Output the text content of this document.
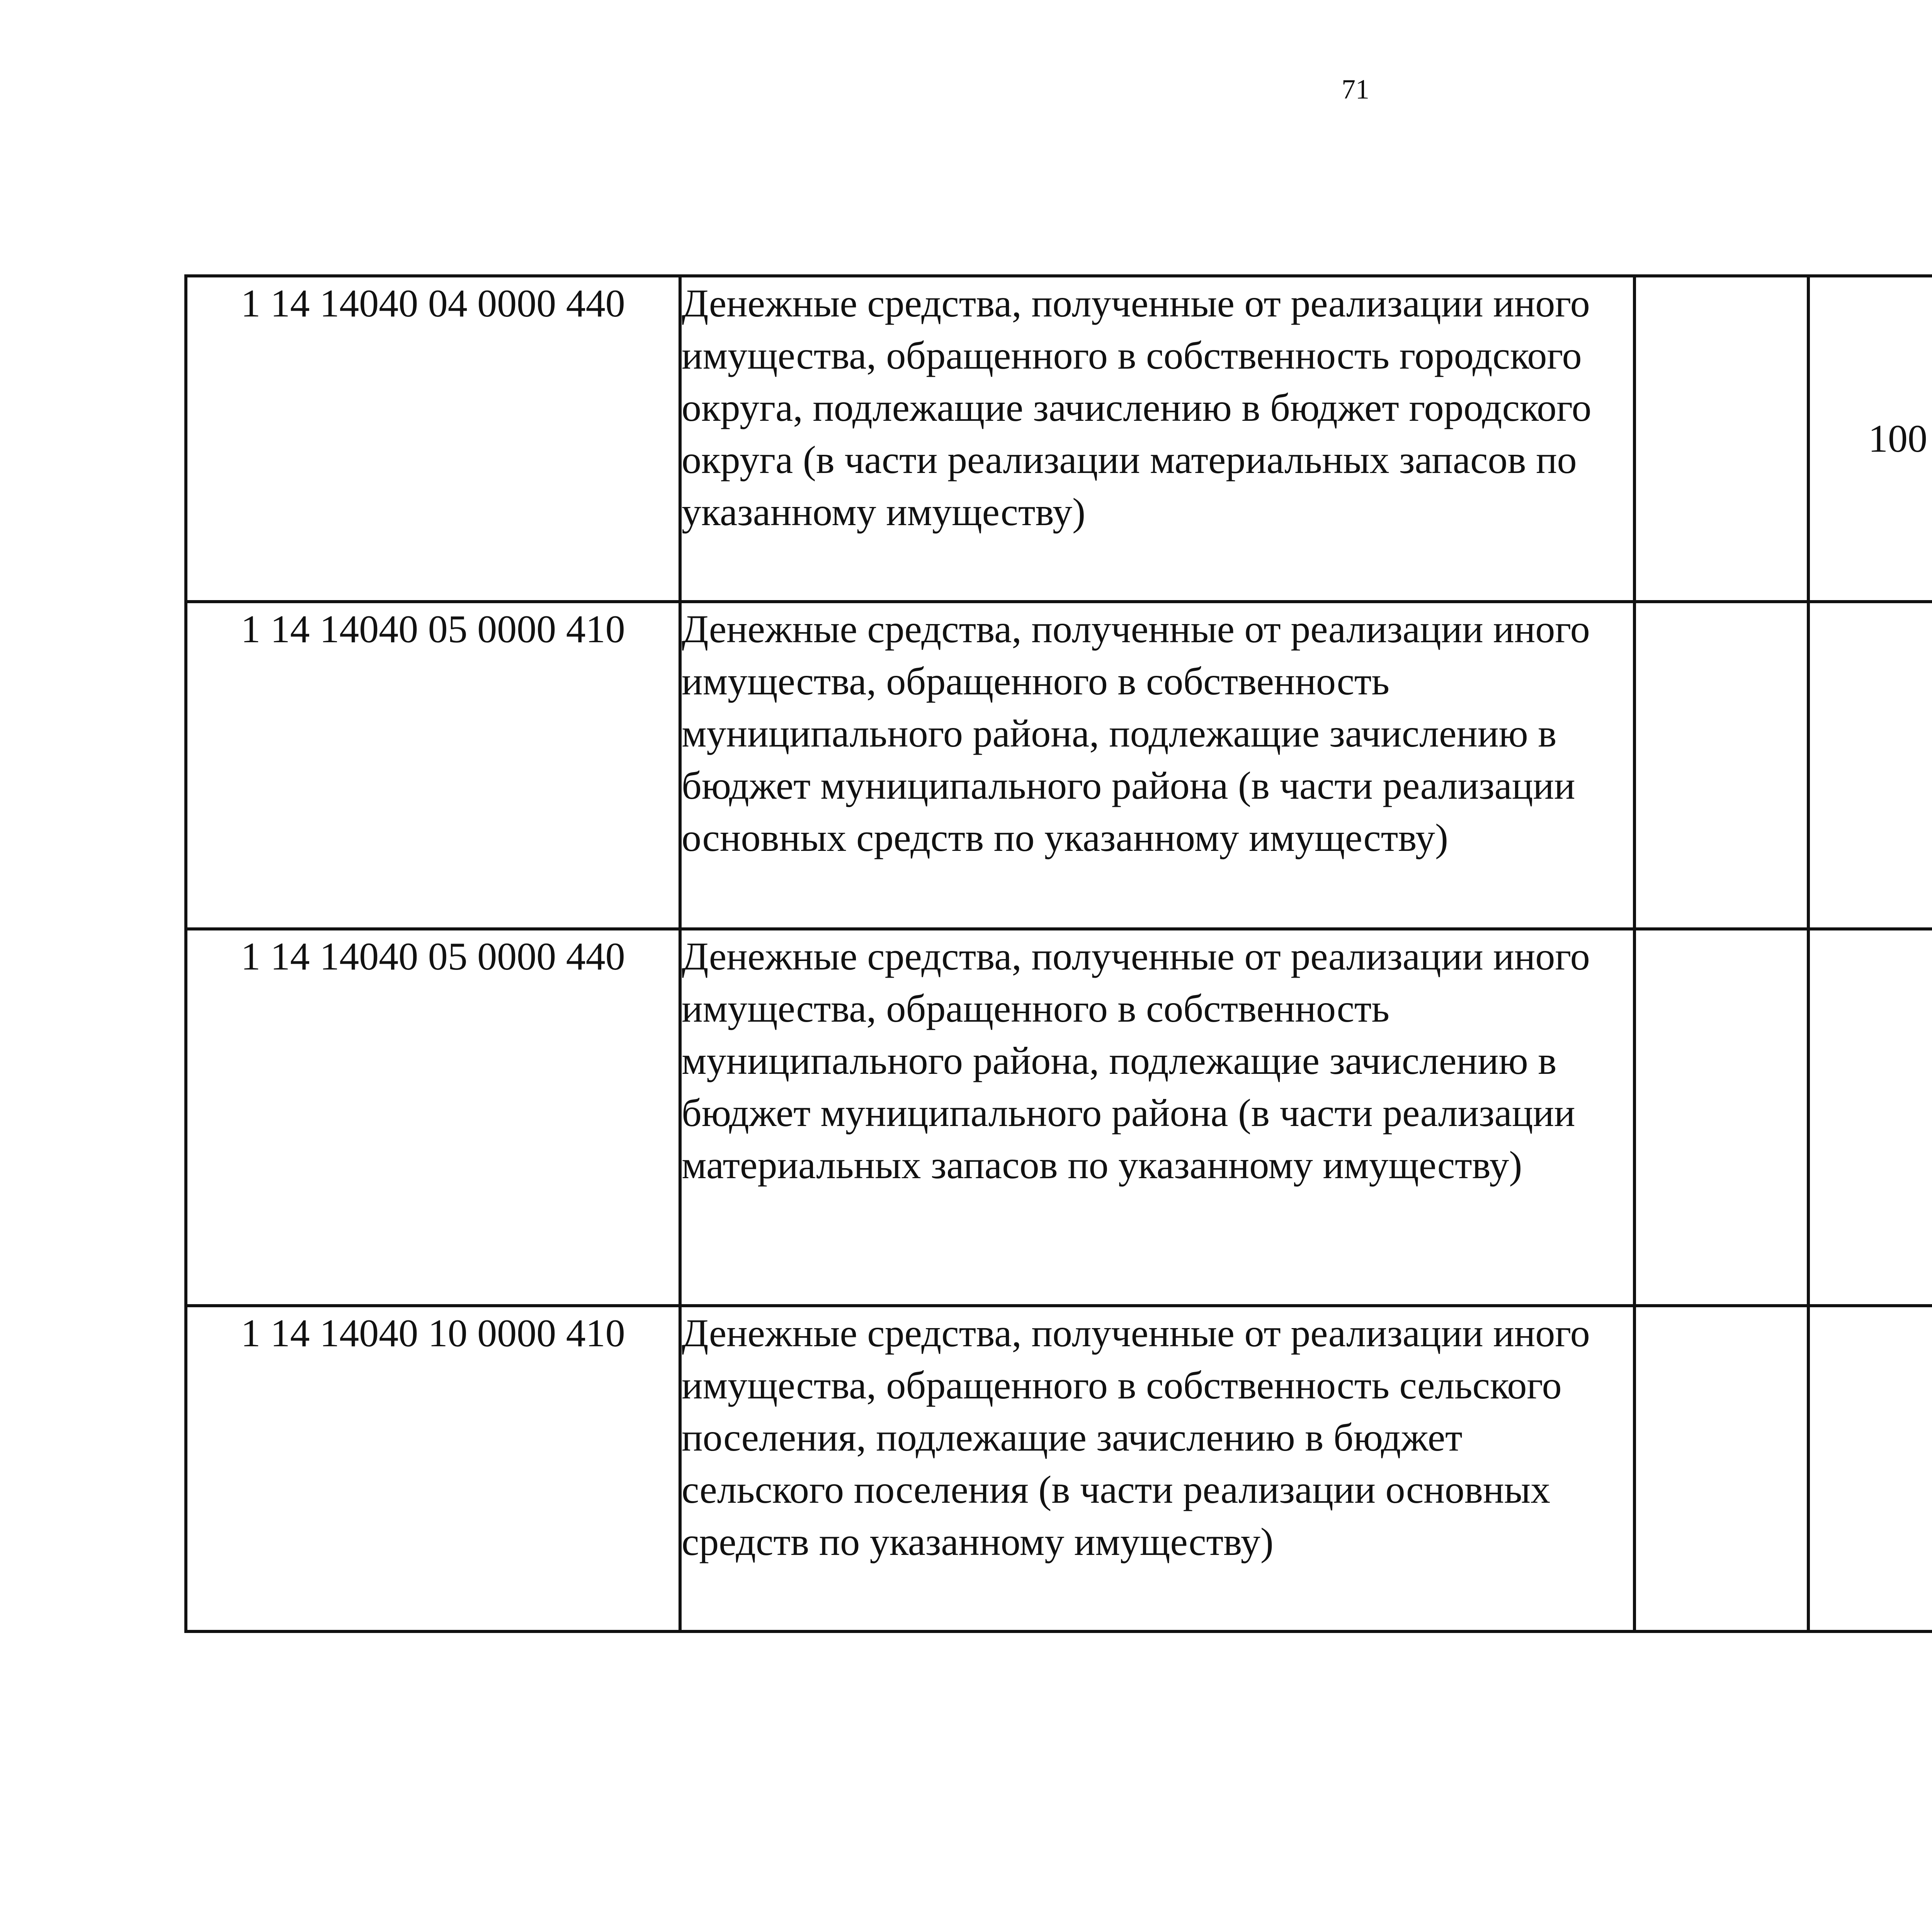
71
1 14 14040 04 0000 440	Денежные средства, полученные от реализации иного имущества, обращенного в собственность городского округа, подлежащие зачислению в бюджет городского округа (в части реализации материальных запасов по указанному имуществу)		100			
1 14 14040 05 0000 410	Денежные средства, полученные от реализации иного имущества, обращенного в собственность муниципального района, подлежащие зачислению в бюджет муниципального района (в части реализации основных средств по указанному имуществу)					
1 14 14040 05 0000 440	Денежные средства, полученные от реализации иного имущества, обращенного в собственность муниципального района, подлежащие зачислению в бюджет муниципального района (в части реализации материальных запасов по указанному имуществу)					
1 14 14040 10 0000 410	Денежные средства, полученные от реализации иного имущества, обращенного в собственность сельского поселения, подлежащие зачислению в бюджет сельского поселения (в части реализации основных средств по указанному имуществу)					
